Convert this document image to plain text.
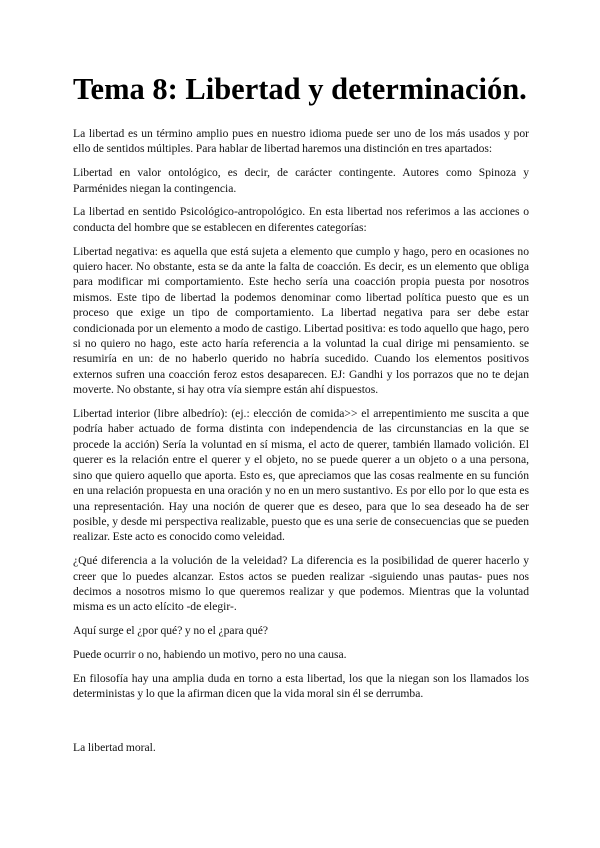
Tema 8: Libertad y determinación.

La libertad es un término amplio pues en nuestro idioma puede ser uno de los más usados y por ello de sentidos múltiples. Para hablar de libertad haremos una distinción en tres apartados:

Libertad en valor ontológico, es decir, de carácter contingente. Autores como Spinoza y Parménides niegan la contingencia.

La libertad en sentido Psicológico-antropológico. En esta libertad nos referimos a las acciones o conducta del hombre que se establecen en diferentes categorías:

Libertad negativa: es aquella que está sujeta a elemento que cumplo y hago, pero en ocasiones no quiero hacer. No obstante, esta se da ante la falta de coacción. Es decir, es un elemento que obliga para modificar mi comportamiento. Este hecho sería una coacción propia puesta por nosotros mismos. Este tipo de libertad la podemos denominar como libertad política puesto que es un proceso que exige un tipo de comportamiento. La libertad negativa para ser debe estar condicionada por un elemento a modo de castigo. Libertad positiva: es todo aquello que hago, pero si no quiero no hago, este acto haría referencia a la voluntad la cual dirige mi pensamiento. se resumiría en un: de no haberlo querido no habría sucedido. Cuando los elementos positivos externos sufren una coacción feroz estos desaparecen. EJ: Gandhi y los porrazos que no te dejan moverte. No obstante, si hay otra vía siempre están ahí dispuestos.

Libertad interior (libre albedrío): (ej.: elección de comida>> el arrepentimiento me suscita a que podría haber actuado de forma distinta con independencia de las circunstancias en la que se procede la acción) Sería la voluntad en sí misma, el acto de querer, también llamado volición. El querer es la relación entre el querer y el objeto, no se puede querer a un objeto o a una persona, sino que quiero aquello que aporta. Esto es, que apreciamos que las cosas realmente en su función en una relación propuesta en una oración y no en un mero sustantivo. Es por ello por lo que esta es una representación. Hay una noción de querer que es deseo, para que lo sea deseado ha de ser posible, y desde mi perspectiva realizable, puesto que es una serie de consecuencias que se pueden realizar. Este acto es conocido como veleidad.

¿Qué diferencia a la volución de la veleidad? La diferencia es la posibilidad de querer hacerlo y creer que lo puedes alcanzar. Estos actos se pueden realizar -siguiendo unas pautas- pues nos decimos a nosotros mismo lo que queremos realizar y que podemos. Mientras que la voluntad misma es un acto elícito -de elegir-.

Aquí surge el ¿por qué? y no el ¿para qué?

Puede ocurrir o no, habiendo un motivo, pero no una causa.

En filosofía hay una amplia duda en torno a esta libertad, los que la niegan son los llamados los deterministas y lo que la afirman dicen que la vida moral sin él se derrumba.

La libertad moral.
